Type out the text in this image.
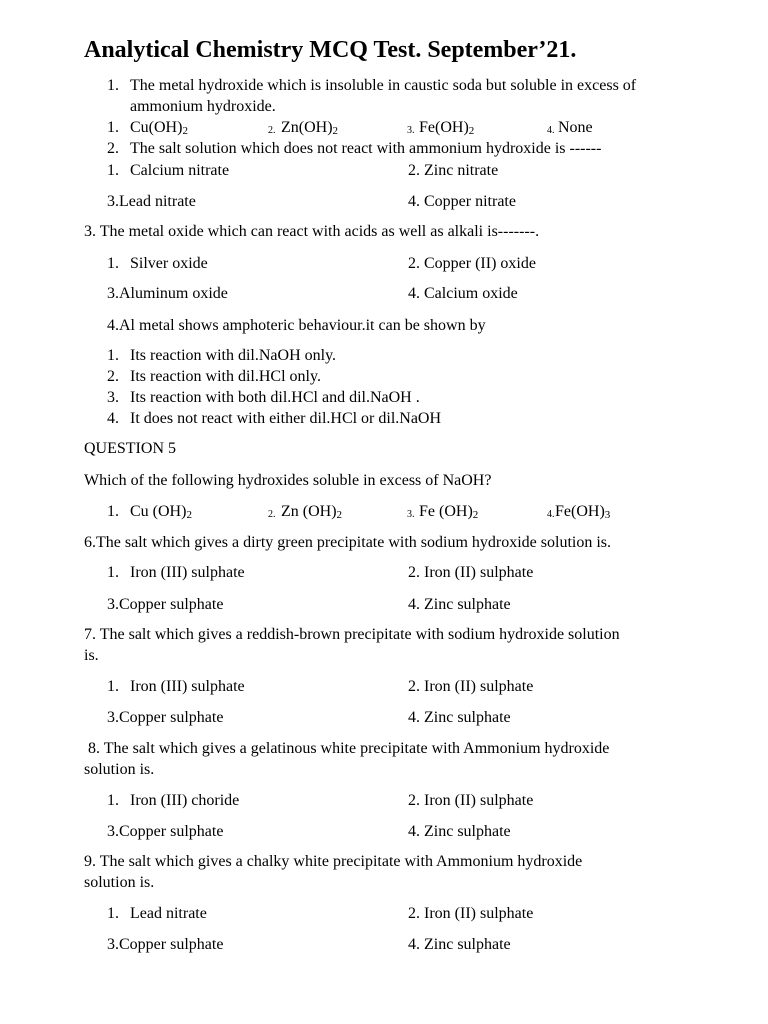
Analytical Chemistry MCQ Test. September’21.
1. The metal hydroxide which is insoluble in caustic soda but soluble in excess of
ammonium hydroxide.
1. $Cu(OH)_2$	2. $Zn(OH)_2$	3. $Fe(OH)_2$	4. None
2. The salt solution which does not react with ammonium hydroxide is ------
1. Calcium nitrate	2. Zinc nitrate
3.Lead nitrate	4. Copper nitrate
3. The metal oxide which can react with acids as well as alkali is-------.
1. Silver oxide	2. Copper (II) oxide
3.Aluminum oxide	4. Calcium oxide
4.Al metal shows amphoteric behaviour.it can be shown by
1. Its reaction with dil.NaOH only.
2. Its reaction with dil.HCl only.
3. Its reaction with both dil.HCl and dil.NaOH .
4. It does not react with either dil.HCl or dil.NaOH
QUESTION 5
Which of the following hydroxides soluble in excess of NaOH?
1. Cu $(OH)_2$	2. Zn $(OH)_2$	3. Fe $(OH)_2$	4. $Fe(OH)_3$
6.The salt which gives a dirty green precipitate with sodium hydroxide solution is.
1. Iron (III) sulphate	2. Iron (II) sulphate
3.Copper sulphate	4. Zinc sulphate
7. The salt which gives a reddish-brown precipitate with sodium hydroxide solution
is.
1. Iron (III) sulphate	2. Iron (II) sulphate
3.Copper sulphate	4. Zinc sulphate
8. The salt which gives a gelatinous white precipitate with Ammonium hydroxide
solution is.
1. Iron (III) choride	2. Iron (II) sulphate
3.Copper sulphate	4. Zinc sulphate
9. The salt which gives a chalky white precipitate with Ammonium hydroxide
solution is.
1. Lead nitrate	2. Iron (II) sulphate
3.Copper sulphate	4. Zinc sulphate
